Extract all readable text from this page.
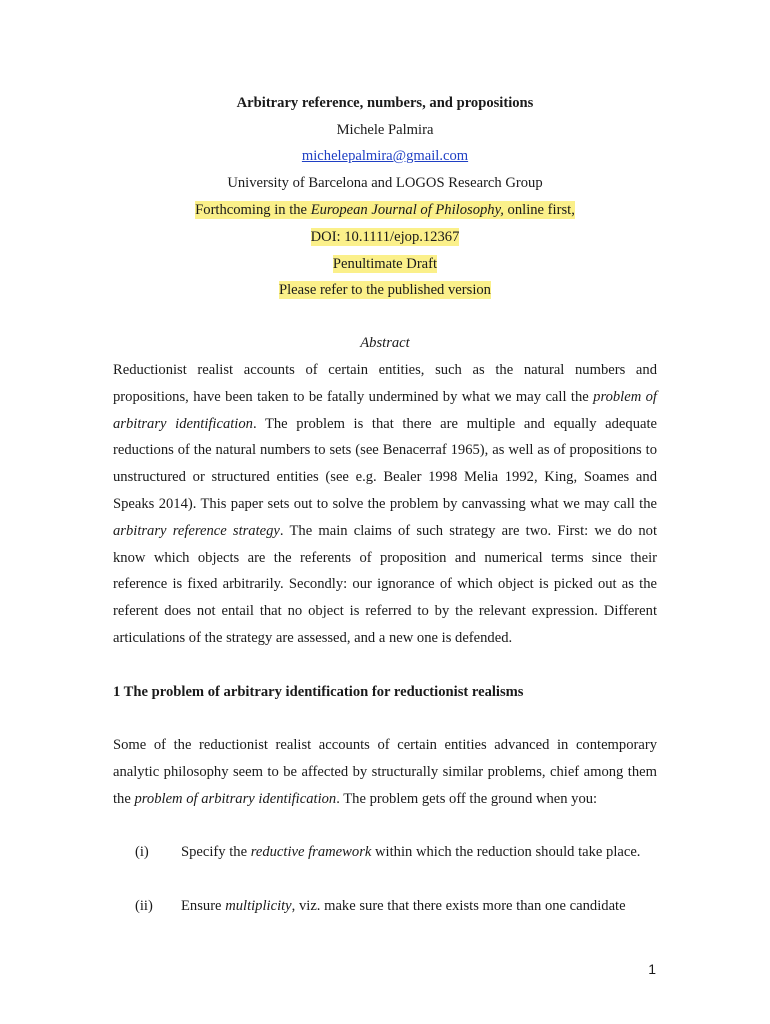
Arbitrary reference, numbers, and propositions
Michele Palmira
michelepalmira@gmail.com
University of Barcelona and LOGOS Research Group
Forthcoming in the European Journal of Philosophy, online first,
DOI: 10.1111/ejop.12367
Penultimate Draft
Please refer to the published version
Abstract
Reductionist realist accounts of certain entities, such as the natural numbers and propositions, have been taken to be fatally undermined by what we may call the problem of arbitrary identification. The problem is that there are multiple and equally adequate reductions of the natural numbers to sets (see Benacerraf 1965), as well as of propositions to unstructured or structured entities (see e.g. Bealer 1998 Melia 1992, King, Soames and Speaks 2014). This paper sets out to solve the problem by canvassing what we may call the arbitrary reference strategy. The main claims of such strategy are two. First: we do not know which objects are the referents of proposition and numerical terms since their reference is fixed arbitrarily. Secondly: our ignorance of which object is picked out as the referent does not entail that no object is referred to by the relevant expression. Different articulations of the strategy are assessed, and a new one is defended.
1 The problem of arbitrary identification for reductionist realisms
Some of the reductionist realist accounts of certain entities advanced in contemporary analytic philosophy seem to be affected by structurally similar problems, chief among them the problem of arbitrary identification. The problem gets off the ground when you:
(i) Specify the reductive framework within which the reduction should take place.
(ii) Ensure multiplicity, viz. make sure that there exists more than one candidate
1
